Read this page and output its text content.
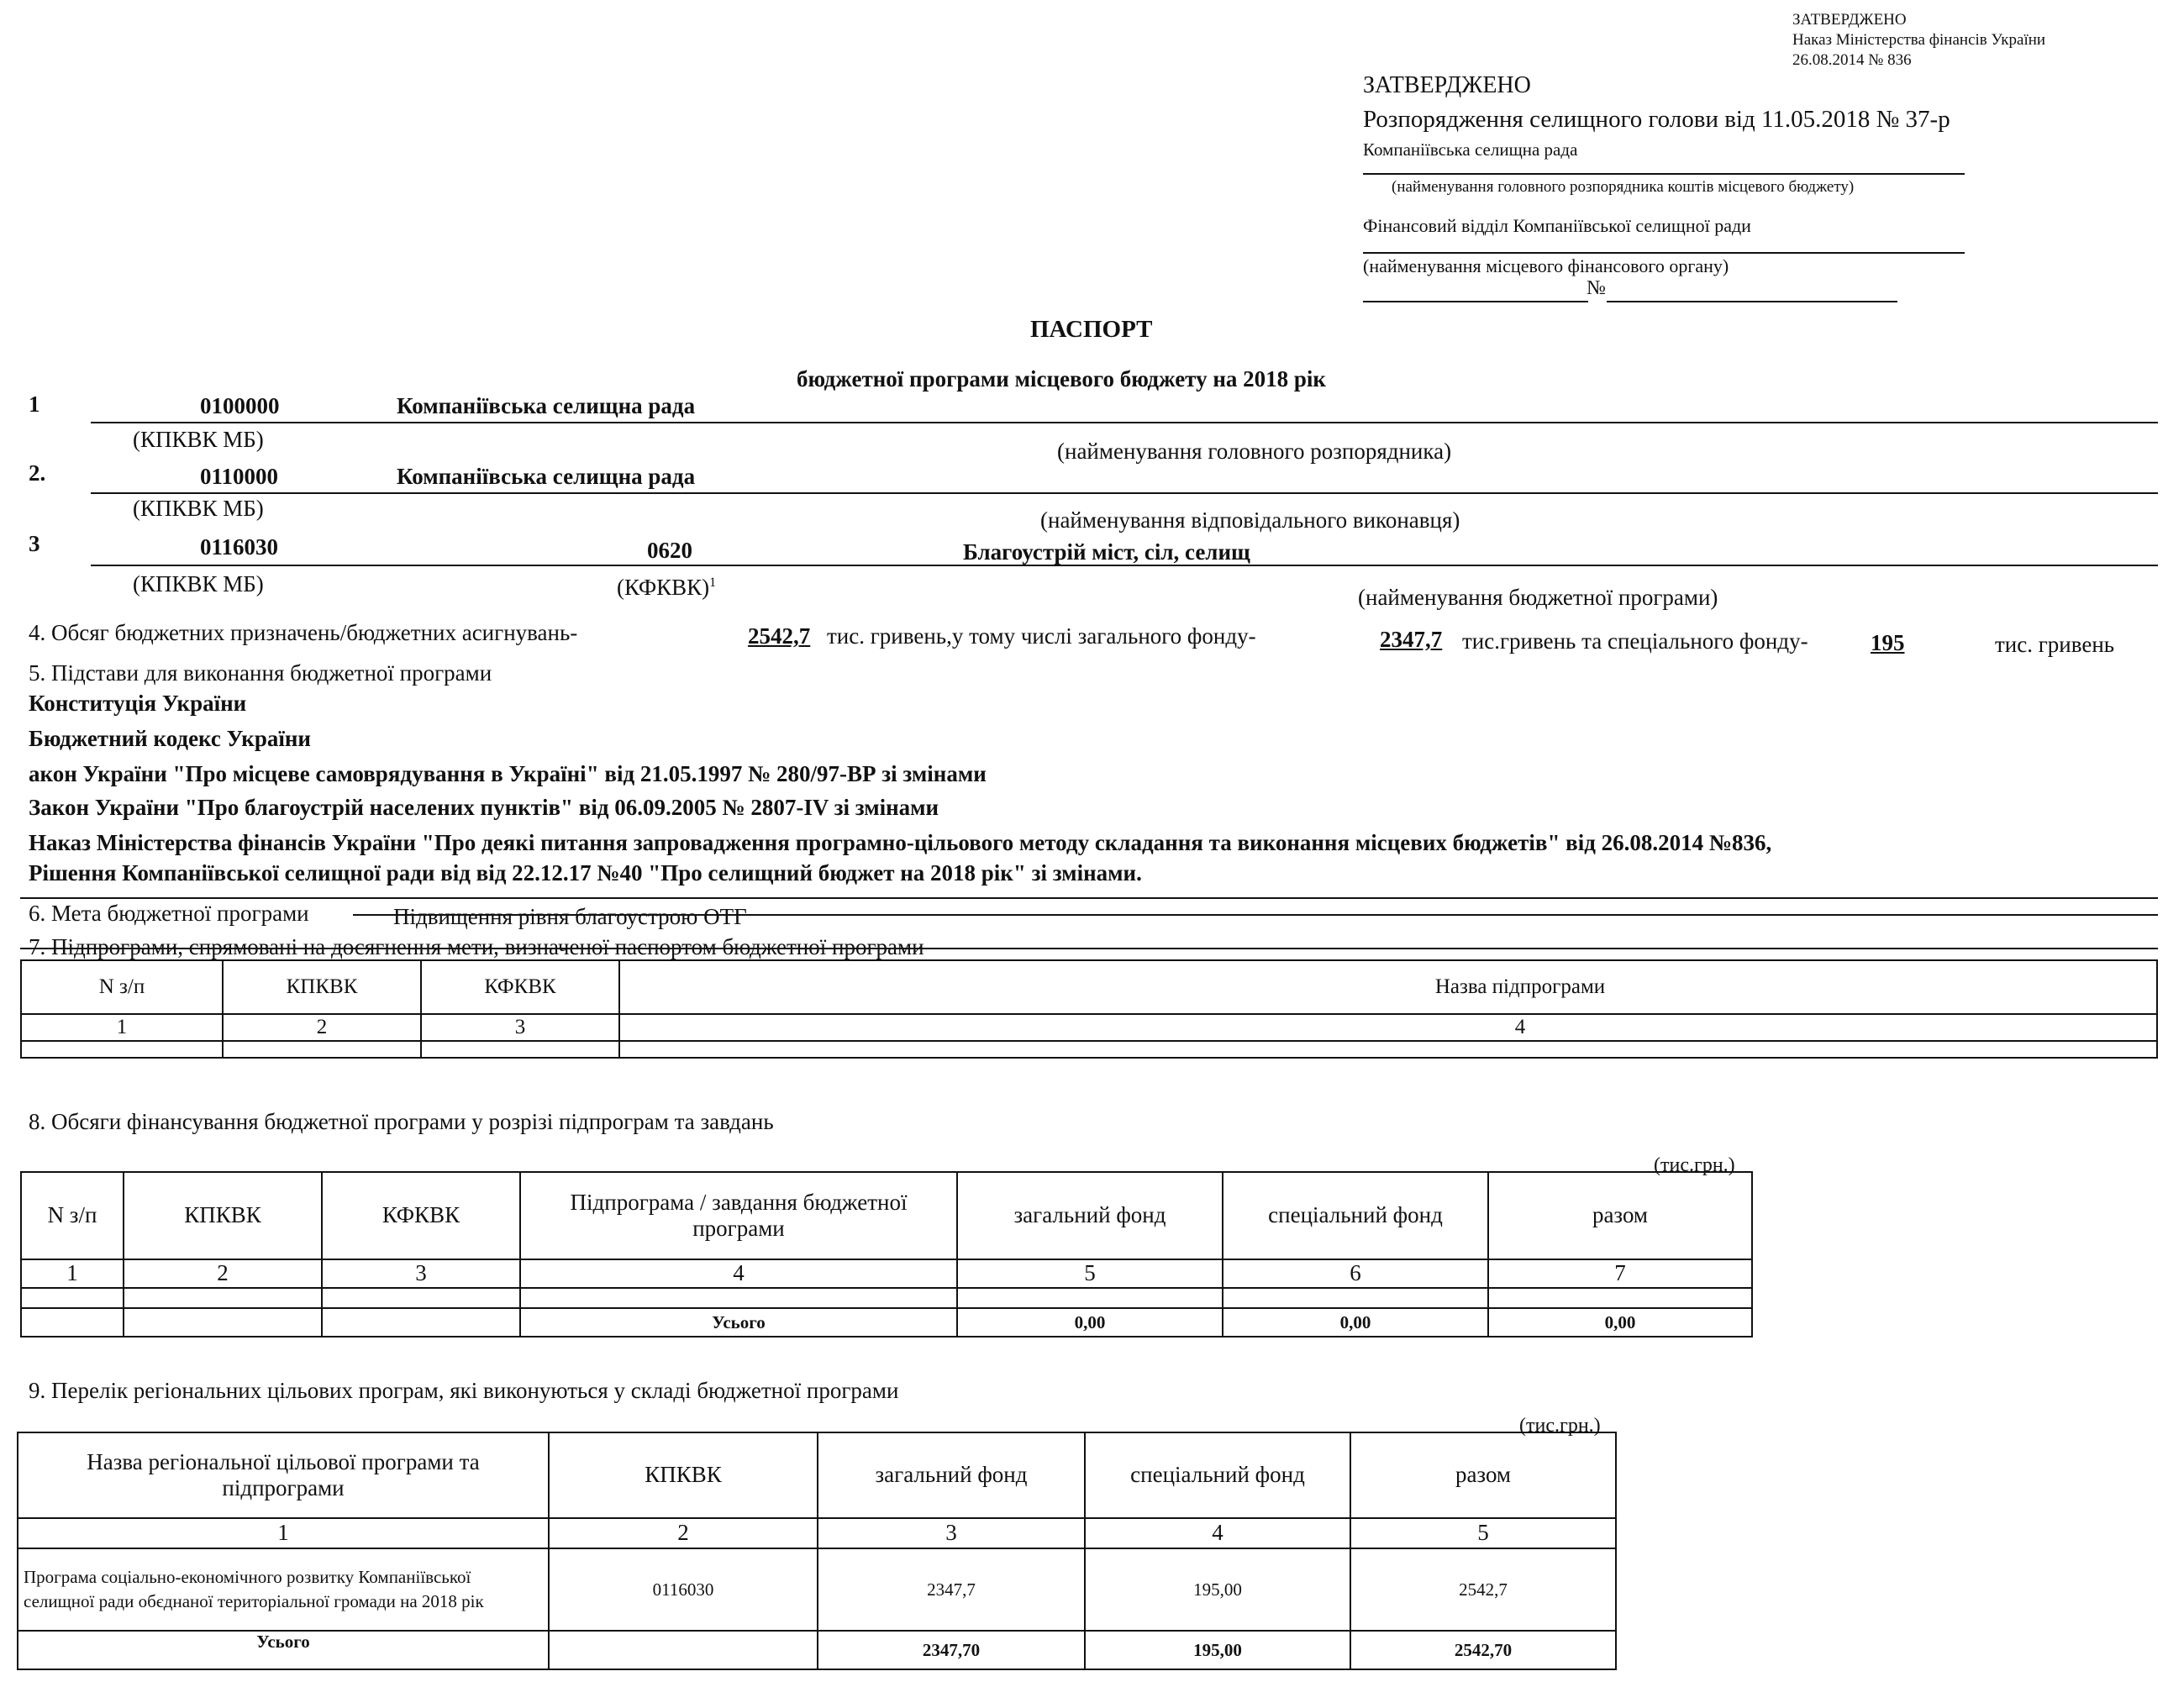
ЗАТВЕРДЖЕНО
Наказ Міністерства фінансів України
26.08.2014 № 836
ЗАТВЕРДЖЕНО
Розпорядження селищного голови від 11.05.2018 № 37-р
Компаніївська селищна рада
(найменування головного розпорядника коштів місцевого бюджету)
Фінансовий відділ Компаніївської селищної ради
(найменування місцевого фінансового органу)
№
ПАСПОРТ
бюджетної програми місцевого бюджету на 2018 рік
1	0100000	Компаніївська селищна рада
(КПКВК МБ)	(найменування головного розпорядника)
2.	0110000	Компаніївська селищна рада
(КПКВК МБ)	(найменування відповідального виконавця)
3	0116030	0620	Благоустрій міст, сіл, селищ
(КПКВК МБ)	(КФКВК)$^1$
(найменування бюджетної програми)
4. Обсяг бюджетних призначень/бюджетних асигнувань-	2542,7 тис. гривень,у тому числі загального фонду-	2347,7 тис.гривень та спеціального фонду-	195	тис. гривень
5. Підстави для виконання бюджетної програми
Конституція України
Бюджетний кодекс України
акон України "Про місцеве самоврядування в Україні" від 21.05.1997 № 280/97-ВР зі змінами
Закон України "Про благоустрій населених пунктів" від 06.09.2005 № 2807-IV зі змінами
Наказ Міністерства фінансів України "Про деякі питання запровадження програмно-цільового методу складання та виконання місцевих бюджетів" від 26.08.2014 №836,
Рішення Компаніївської селищної ради від від 22.12.17 №40 "Про селищний бюджет на 2018 рік" зі змінами.
6. Мета бюджетної програми	Підвищення рівня благоустрою ОТГ
7. Підпрограми, спрямовані на досягнення мети, визначеної паспортом бюджетної програми
N з/п	КПКВК	КФКВК	Назва підпрограми
1	2	3	4

8. Обсяги фінансування бюджетної програми у розрізі підпрограм та завдань
(тис.грн.)
N з/п	КПКВК	КФКВК	Підпрограма / завдання бюджетної програми	загальний фонд	спеціальний фонд	разом
1	2	3	4	5	6	7

			Усього	0,00	0,00	0,00
9. Перелік регіональних цільових програм, які виконуються у складі бюджетної програми
(тис.грн.)
Назва регіональної цільової програми та підпрограми	КПКВК	загальний фонд	спеціальний фонд	разом
1	2	3	4	5
Програма соціально-економічного розвитку Компаніївської селищної ради обєднаної територіальної громади на 2018 рік	0116030	2347,7	195,00	2542,7
Усього		2347,70	195,00	2542,70
